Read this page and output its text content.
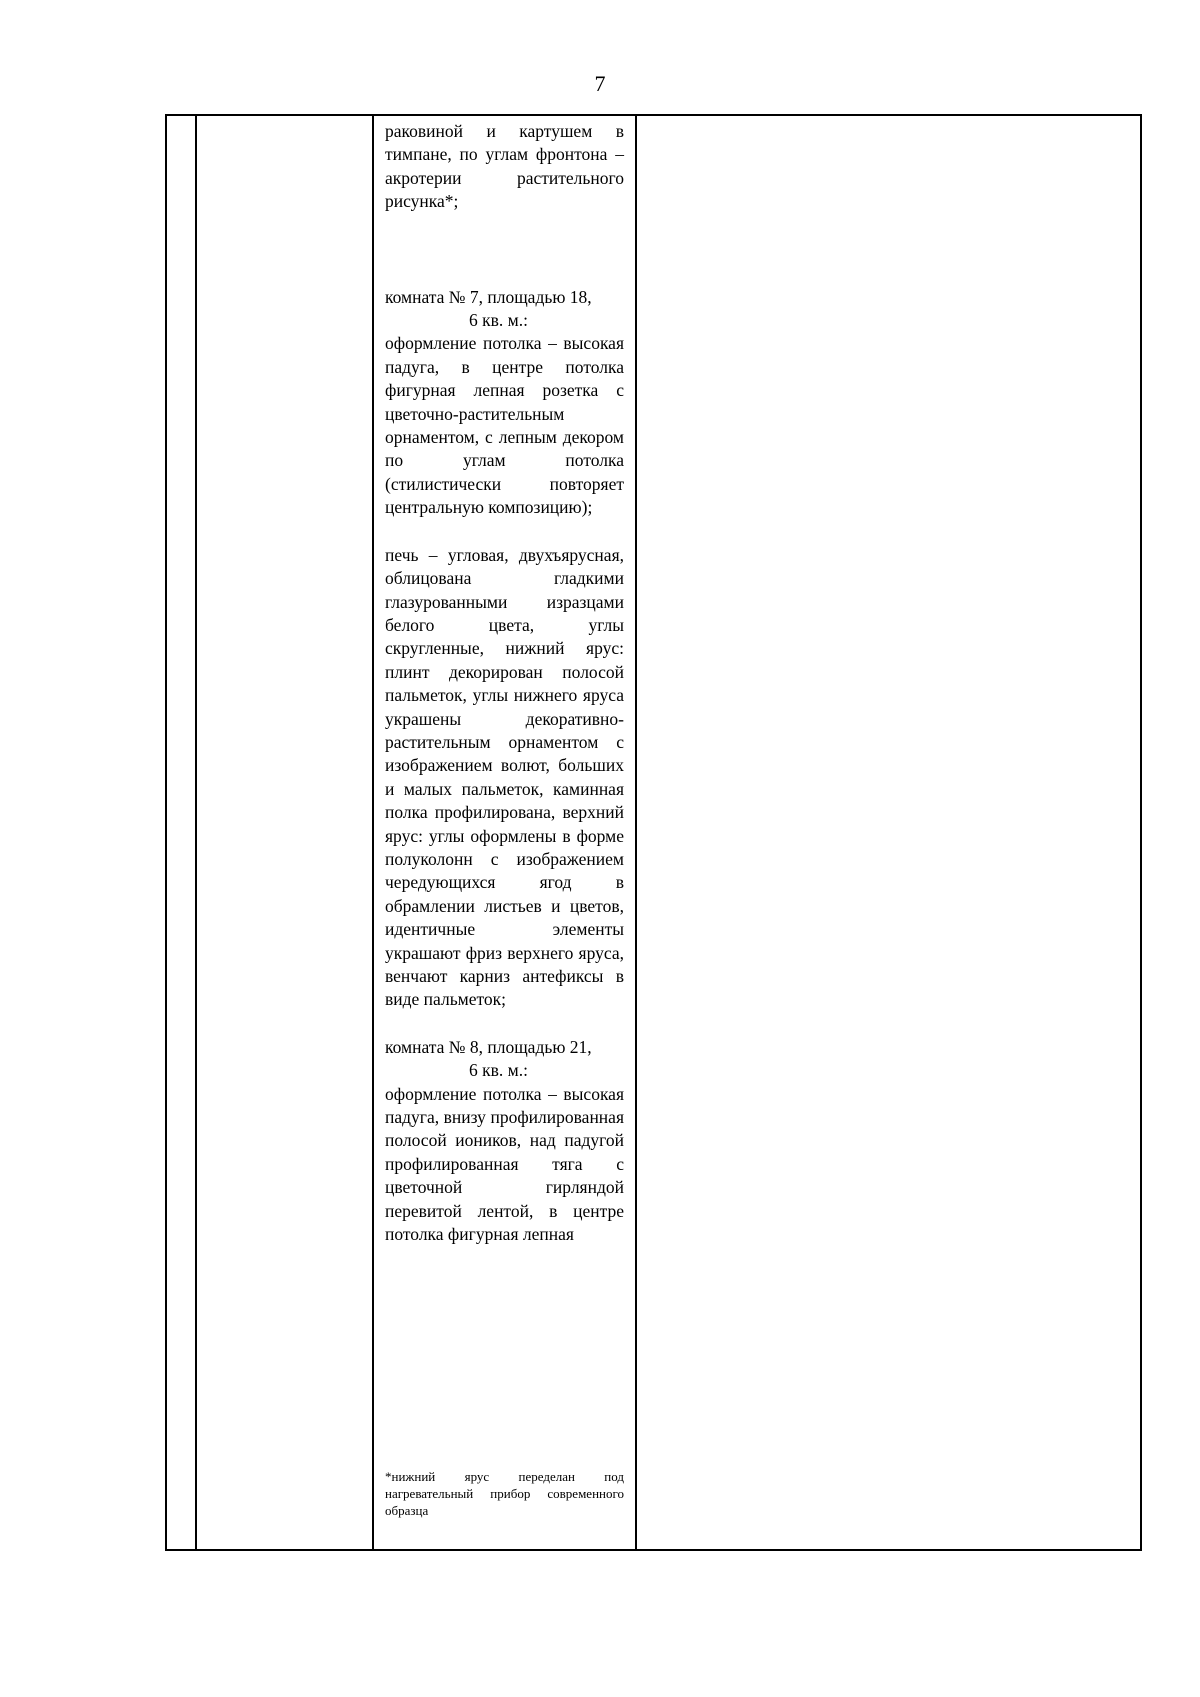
7

раковиной и картушем в тимпане, по углам фронтона – акротерии растительного рисунка*;

комната № 7, площадью 18,
6 кв. м.:

оформление потолка – высокая падуга, в центре потолка фигурная лепная розетка с цветочно-растительным орнаментом, с лепным декором по углам потолка (стилистически повторяет центральную композицию);

печь – угловая, двухъярусная, облицована гладкими глазурованными изразцами белого цвета, углы скругленные, нижний ярус: плинт декорирован полосой пальметок, углы нижнего яруса украшены декоративно-растительным орнаментом с изображением волют, больших и малых пальметок, каминная полка профилирована, верхний ярус: углы оформлены в форме полуколонн с изображением чередующихся ягод в обрамлении листьев и цветов, идентичные элементы украшают фриз верхнего яруса, венчают карниз антефиксы в виде пальметок;

комната № 8, площадью 21,
6 кв. м.:

оформление потолка – высокая падуга, внизу профилированная полосой иоников, над падугой профилированная тяга с цветочной гирляндой перевитой лентой, в центре потолка фигурная лепная

*нижний ярус переделан под нагревательный прибор современного образца
